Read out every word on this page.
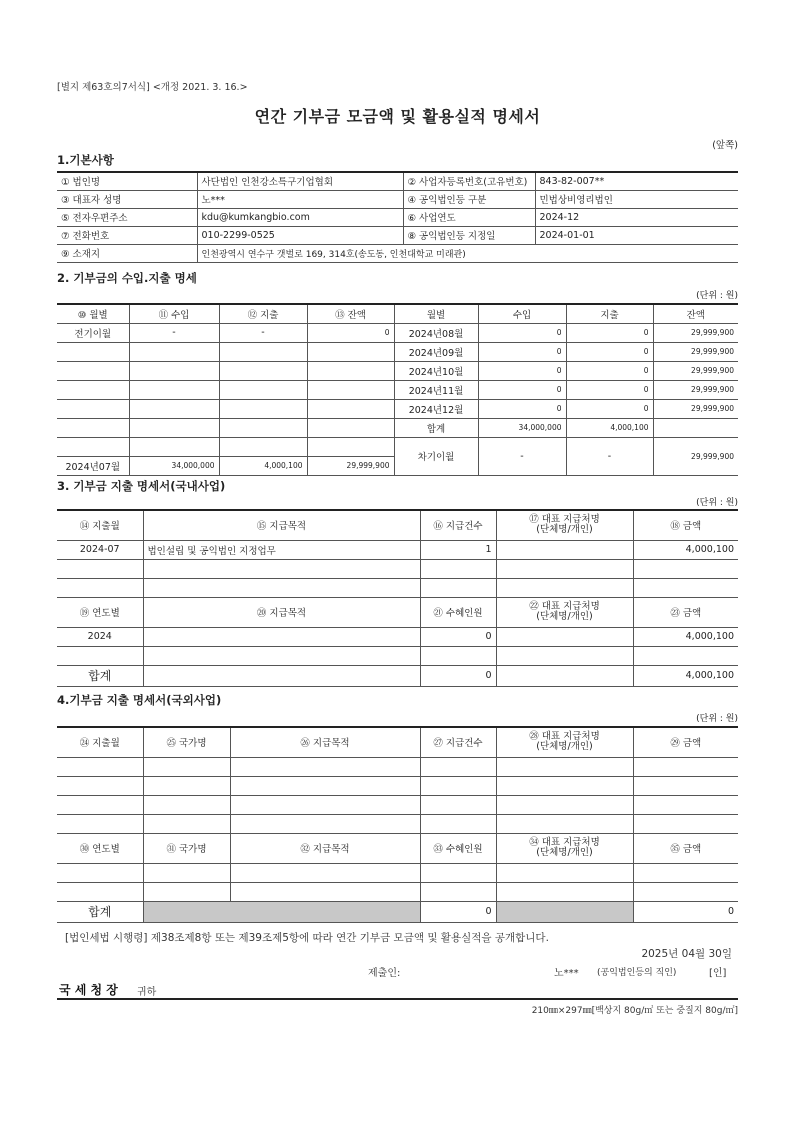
[별지 제63호의7서식] <개정 2021. 3. 16.>
연간 기부금 모금액 및 활용실적 명세서
(앞쪽)
1.기본사항
① 법인명	사단법인 인천강소특구기업협회	② 사업자등록번호(고유번호)	843-82-007**
③ 대표자 성명	노***	④ 공익법인등 구분	민법상비영리법인
⑤ 전자우편주소	kdu@kumkangbio.com	⑥ 사업연도	2024-12
⑦ 전화번호	010-2299-0525	⑧ 공익법인등 지정일	2024-01-01
⑨ 소재지	인천광역시 연수구 갯벌로 169, 314호(송도동, 인천대학교 미래관)		
2. 기부금의 수입.지출 명세
(단위 : 원)
⑩ 월별	⑪ 수입	⑫ 지출	⑬ 잔액	월별	수입	지출	잔액
전기이월	-	-	0	2024년08월	0	0	29,999,900
				2024년09월	0	0	29,999,900
				2024년10월	0	0	29,999,900
				2024년11월	0	0	29,999,900
				2024년12월	0	0	29,999,900
				합계	34,000,000	4,000,100	
				차기이월	-	-	29,999,900
2024년07월	34,000,000	4,000,100	29,999,900				
3. 기부금 지출 명세서(국내사업)
(단위 : 원)
⑭ 지출월	⑮ 지급목적	⑯ 지급건수	⑰ 대표 지급처명
(단체명/개인)	⑱ 금액
2024-07	법인설립 및 공익법인 지정업무	1		4,000,100

⑲ 연도별	⑳ 지급목적	㉑ 수혜인원	㉒ 대표 지급처명
(단체명/개인)	㉓ 금액
2024		0		4,000,100

합계		0		4,000,100
4.기부금 지출 명세서(국외사업)
(단위 : 원)
㉔ 지출월	㉕ 국가명	㉖ 지급목적	㉗ 지급건수	㉘ 대표 지급처명
(단체명/개인)	㉙ 금액

㉚ 연도별	㉛ 국가명	㉜ 지급목적	㉝ 수혜인원	㉞ 대표 지급처명
(단체명/개인)	㉟ 금액

합계			0		0
[법인세법 시행령] 제38조제8항 또는 제39조제5항에 따라 연간 기부금 모금액 및 활용실적을 공개합니다.
2025년 04월 30일
제출인:	노*** (공익법인등의 직인)	[인]
국 세 청 장 귀하
210㎜×297㎜[백상지 80g/㎡ 또는 중질지 80g/㎡]
